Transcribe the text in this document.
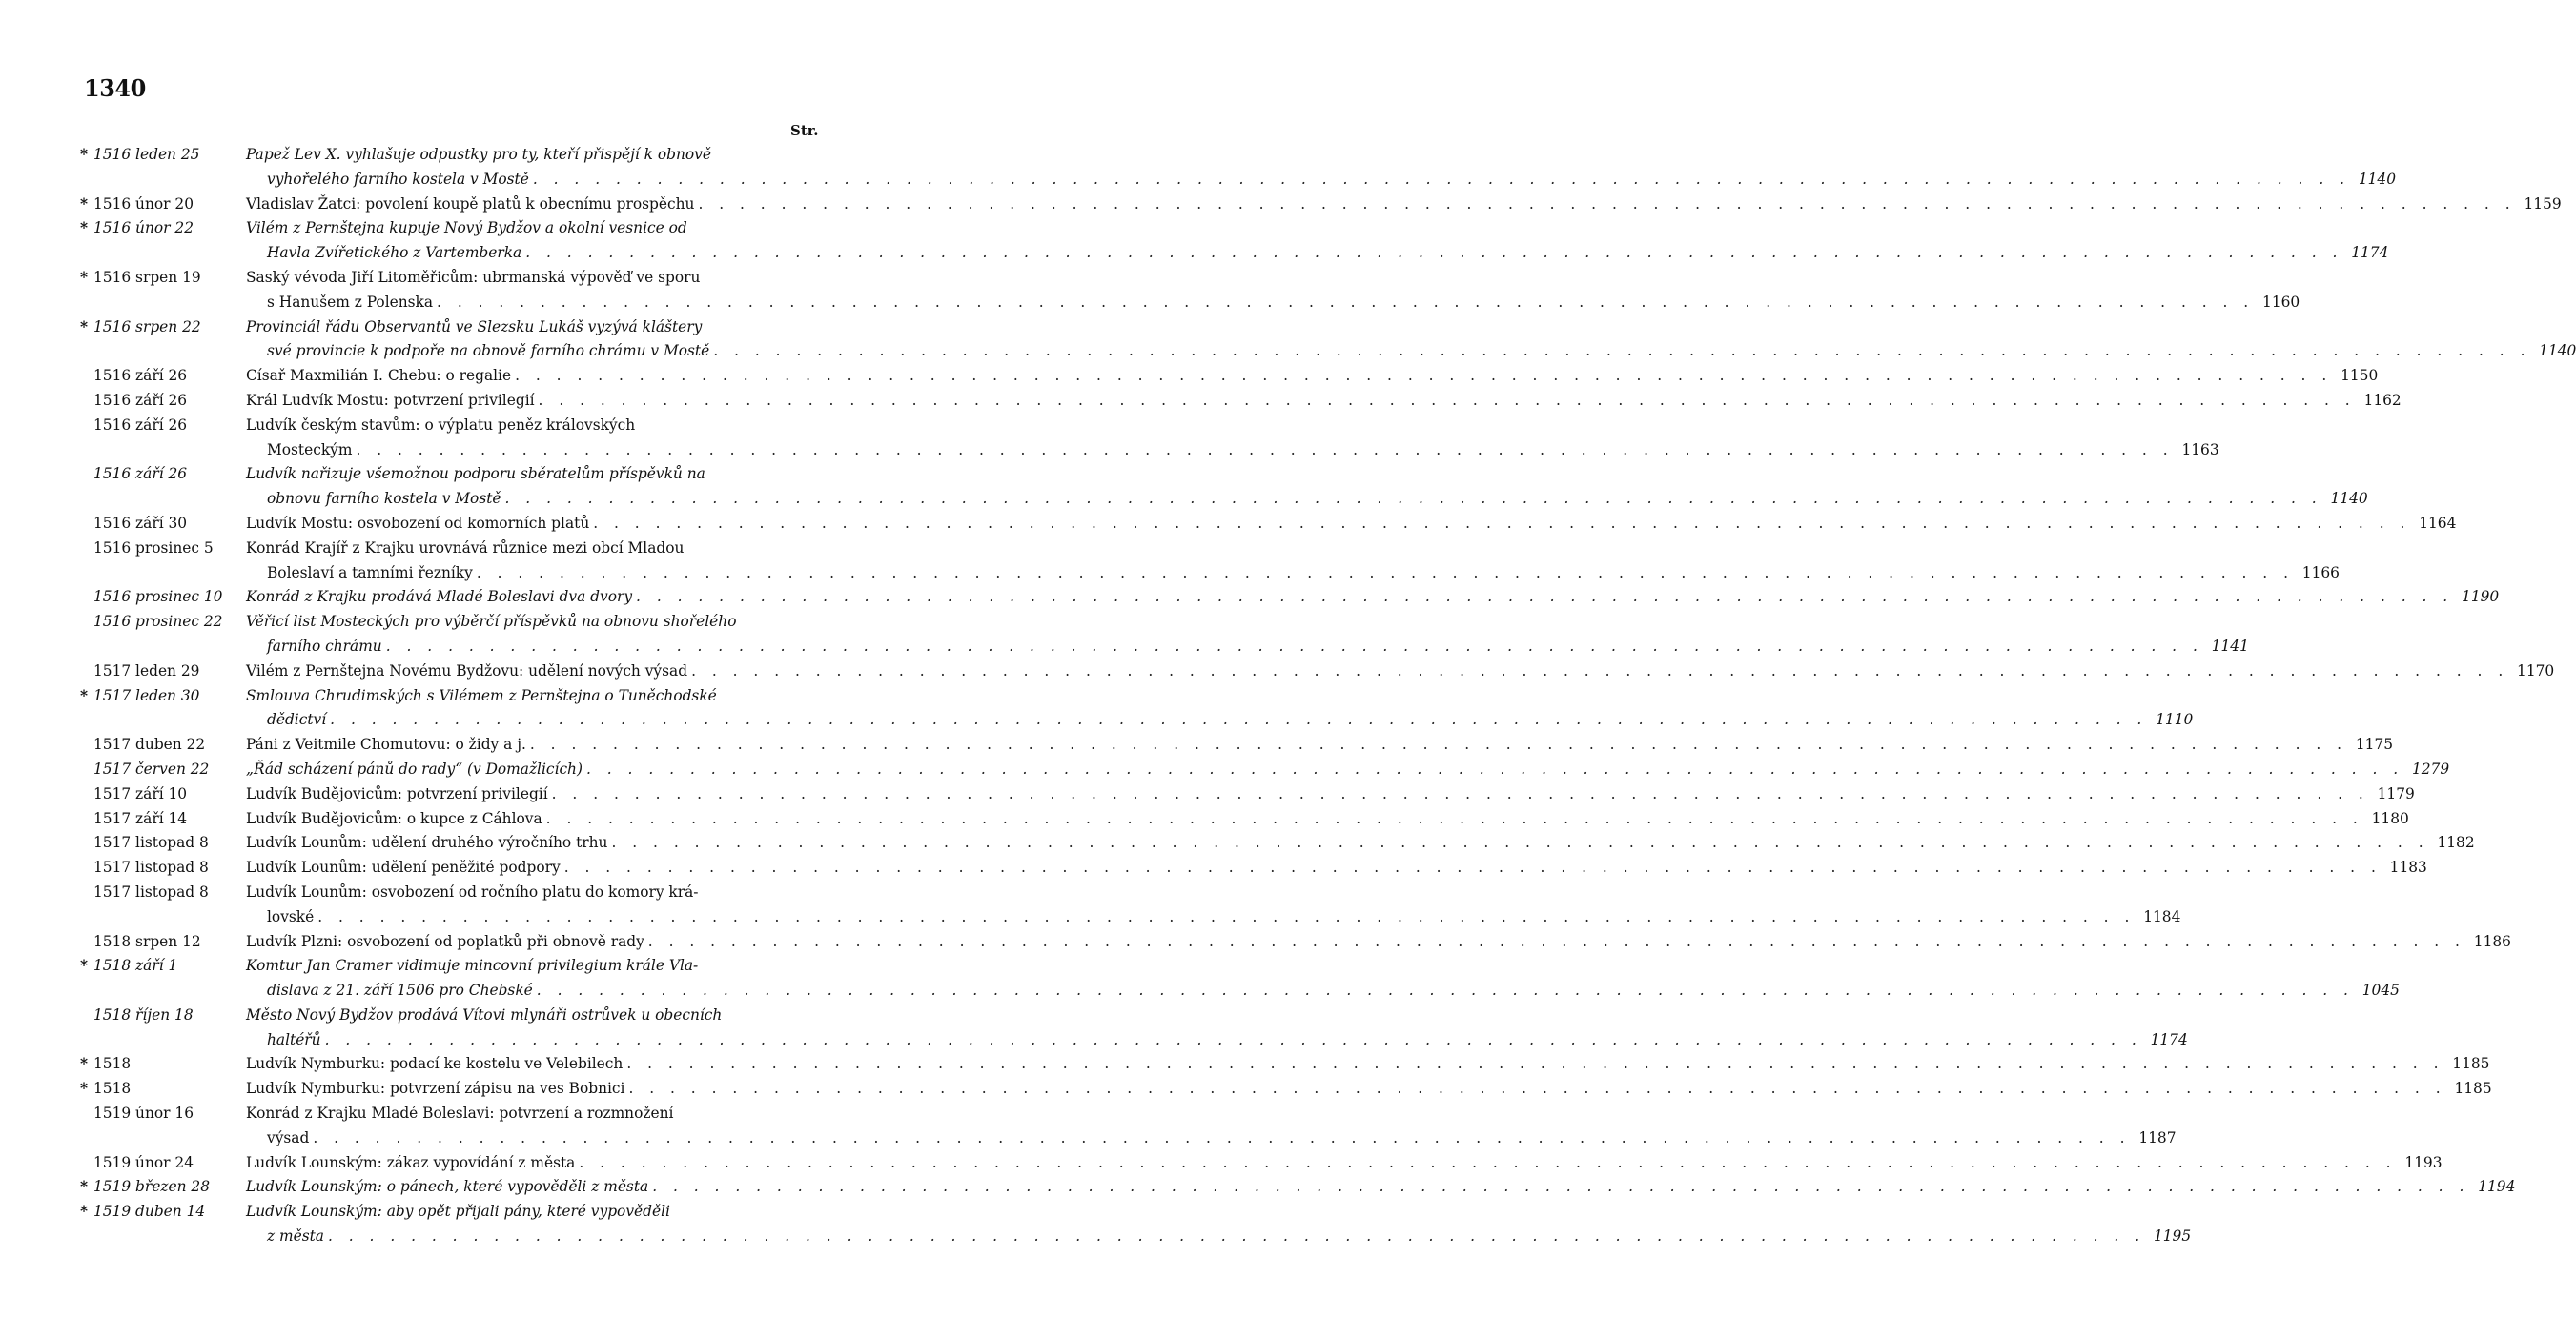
1340
Str.
* 1516 leden 25	Papež Lev X. vyhlašuje odpustky pro ty, kteří přispějí k obnově
vyhořelého farního kostela v Mostě . . .	1140
* 1516 únor 20	Vladislav Žatci: povolení koupě platů k obecnímu prospěchu . . .	1159
* 1516 únor 22	Vilém z Pernštejna kupuje Nový Bydžov a okolní vesnice od
Havla Zvířetického z Vartemberka . . .	1174
* 1516 srpen 19	Saský vévoda Jiří Litoměřicům: ubrmanská výpověď ve sporu
s Hanušem z Polenska . . .	1160
* 1516 srpen 22	Provinciál řádu Observantů ve Slezsku Lukáš vyzývá kláštery
své provincie k podpoře na obnově farního chrámu v Mostě . . .	1140
1516 září 26	Císař Maxmilián I. Chebu: o regalie . . .	1150
1516 září 26	Král Ludvík Mostu: potvrzení privilegií . . .	1162
1516 září 26	Ludvík českým stavům: o výplatu peněz královských
Mosteckým . . .	1163
1516 září 26	Ludvík nařizuje všemožnou podporu sběratelům příspěvků na
obnovu farního kostela v Mostě . . .	1140
1516 září 30	Ludvík Mostu: osvobození od komorních platů . . .	1164
1516 prosinec 5	Konrád Krajíř z Krajku urovnává různice mezi obcí Mladou
Boleslaví a tamními řezníky . . .	1166
1516 prosinec 10	Konrád z Krajku prodává Mladé Boleslavi dva dvory . . .	1190
1516 prosinec 22	Věřicí list Mosteckých pro výběrčí příspěvků na obnovu shořelého
farního chrámu . . .	1141
1517 leden 29	Vilém z Pernštejna Novému Bydžovu: udělení nových výsad . . .	1170
* 1517 leden 30	Smlouva Chrudimských s Vilémem z Pernštejna o Tuněchodské
dědictví . . .	1110
1517 duben 22	Páni z Veitmile Chomutovu: o židy a j. . . .	1175
1517 červen 22	„Řád scházení pánů do rady“ (v Domažlicích) . . .	1279
1517 září 10	Ludvík Budějovicům: potvrzení privilegií . . .	1179
1517 září 14	Ludvík Budějovicům: o kupce z Cáhlova . . .	1180
1517 listopad 8	Ludvík Lounům: udělení druhého výročního trhu . . .	1182
1517 listopad 8	Ludvík Lounům: udělení peněžité podpory . . .	1183
1517 listopad 8	Ludvík Lounům: osvobození od ročního platu do komory krá-
lovské . . .	1184
1518 srpen 12	Ludvík Plzni: osvobození od poplatků při obnově rady . . .	1186
* 1518 září 1	Komtur Jan Cramer vidimuje mincovní privilegium krále Vla-
dislava z 21. září 1506 pro Chebské . . .	1045
1518 říjen 18	Město Nový Bydžov prodává Vítovi mlynáři ostrůvek u obecních
haltéřů . . .	1174
* 1518	Ludvík Nymburku: podací ke kostelu ve Velebilech . . .	1185
* 1518	Ludvík Nymburku: potvrzení zápisu na ves Bobnici . . .	1185
1519 únor 16	Konrád z Krajku Mladé Boleslavi: potvrzení a rozmnožení
výsad . . .	1187
1519 únor 24	Ludvík Lounským: zákaz vypovídání z města . . .	1193
* 1519 březen 28	Ludvík Lounským: o pánech, které vypověděli z města . . .	1194
* 1519 duben 14	Ludvík Lounským: aby opět přijali pány, které vypověděli
z města . . .	1195
